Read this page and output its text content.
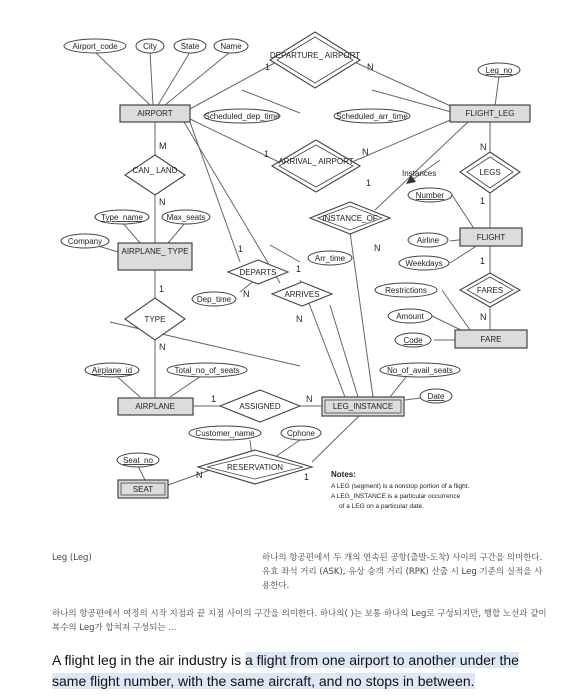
Instances
Airport_code	City	State	Name
Leg_no
Scheduled_dep_time	Scheduled_arr_time
Type_name	Max_seats
Company
Number
Airline
Weekdays
Arr_time
Dep_time
Restrictions
Amount
Code
Airplane_id	Total_no_of_seats	No_of_avail_seats
Date
Customer_name	Cphone
Seat_no
DEPARTURE_ AIRPORT
ARRIVAL_ AIRPORT
CAN_ LAND	LEGS
INSTANCE_OF
DEPARTS
ARRIVES	FARES
TYPE
ASSIGNED
RESERVATION
AIRPORT	FLIGHT_LEG
AIRPLANE_ TYPE
FLIGHT
FARE
AIRPLANE	LEG_INSTANCE
SEAT
1	N
1	N
M
N
N
1
1
N
1
N
1
N
1
N
1
N
1	N
N	1	Notes:
A LEG (segment) is a nonstop portion of a flight.
A LEG_INSTANCE is a particular occurrence
of a LEG on a particular date.
Leg (Leg)	하나의 항공편에서 두 개의 연속된 공항(출발-도착) 사이의 구간을 의미한다. 유효 좌석 거리 (ASK), 유상 승객 거리 (RPK) 산출 시 Leg 기준의 실적을 사용한다.
하나의 항공편에서 여정의 시작 지점과 끝 지점 사이의 구간을 의미한다. 하나의( )는 보통 하나의 Leg로 구성되지만, 행합 노선과 같이 복수의 Leg가 합쳐져 구성되는 ...
A flight leg in the air industry is a flight from one airport to another under the same flight number, with the same aircraft, and no stops in between.
